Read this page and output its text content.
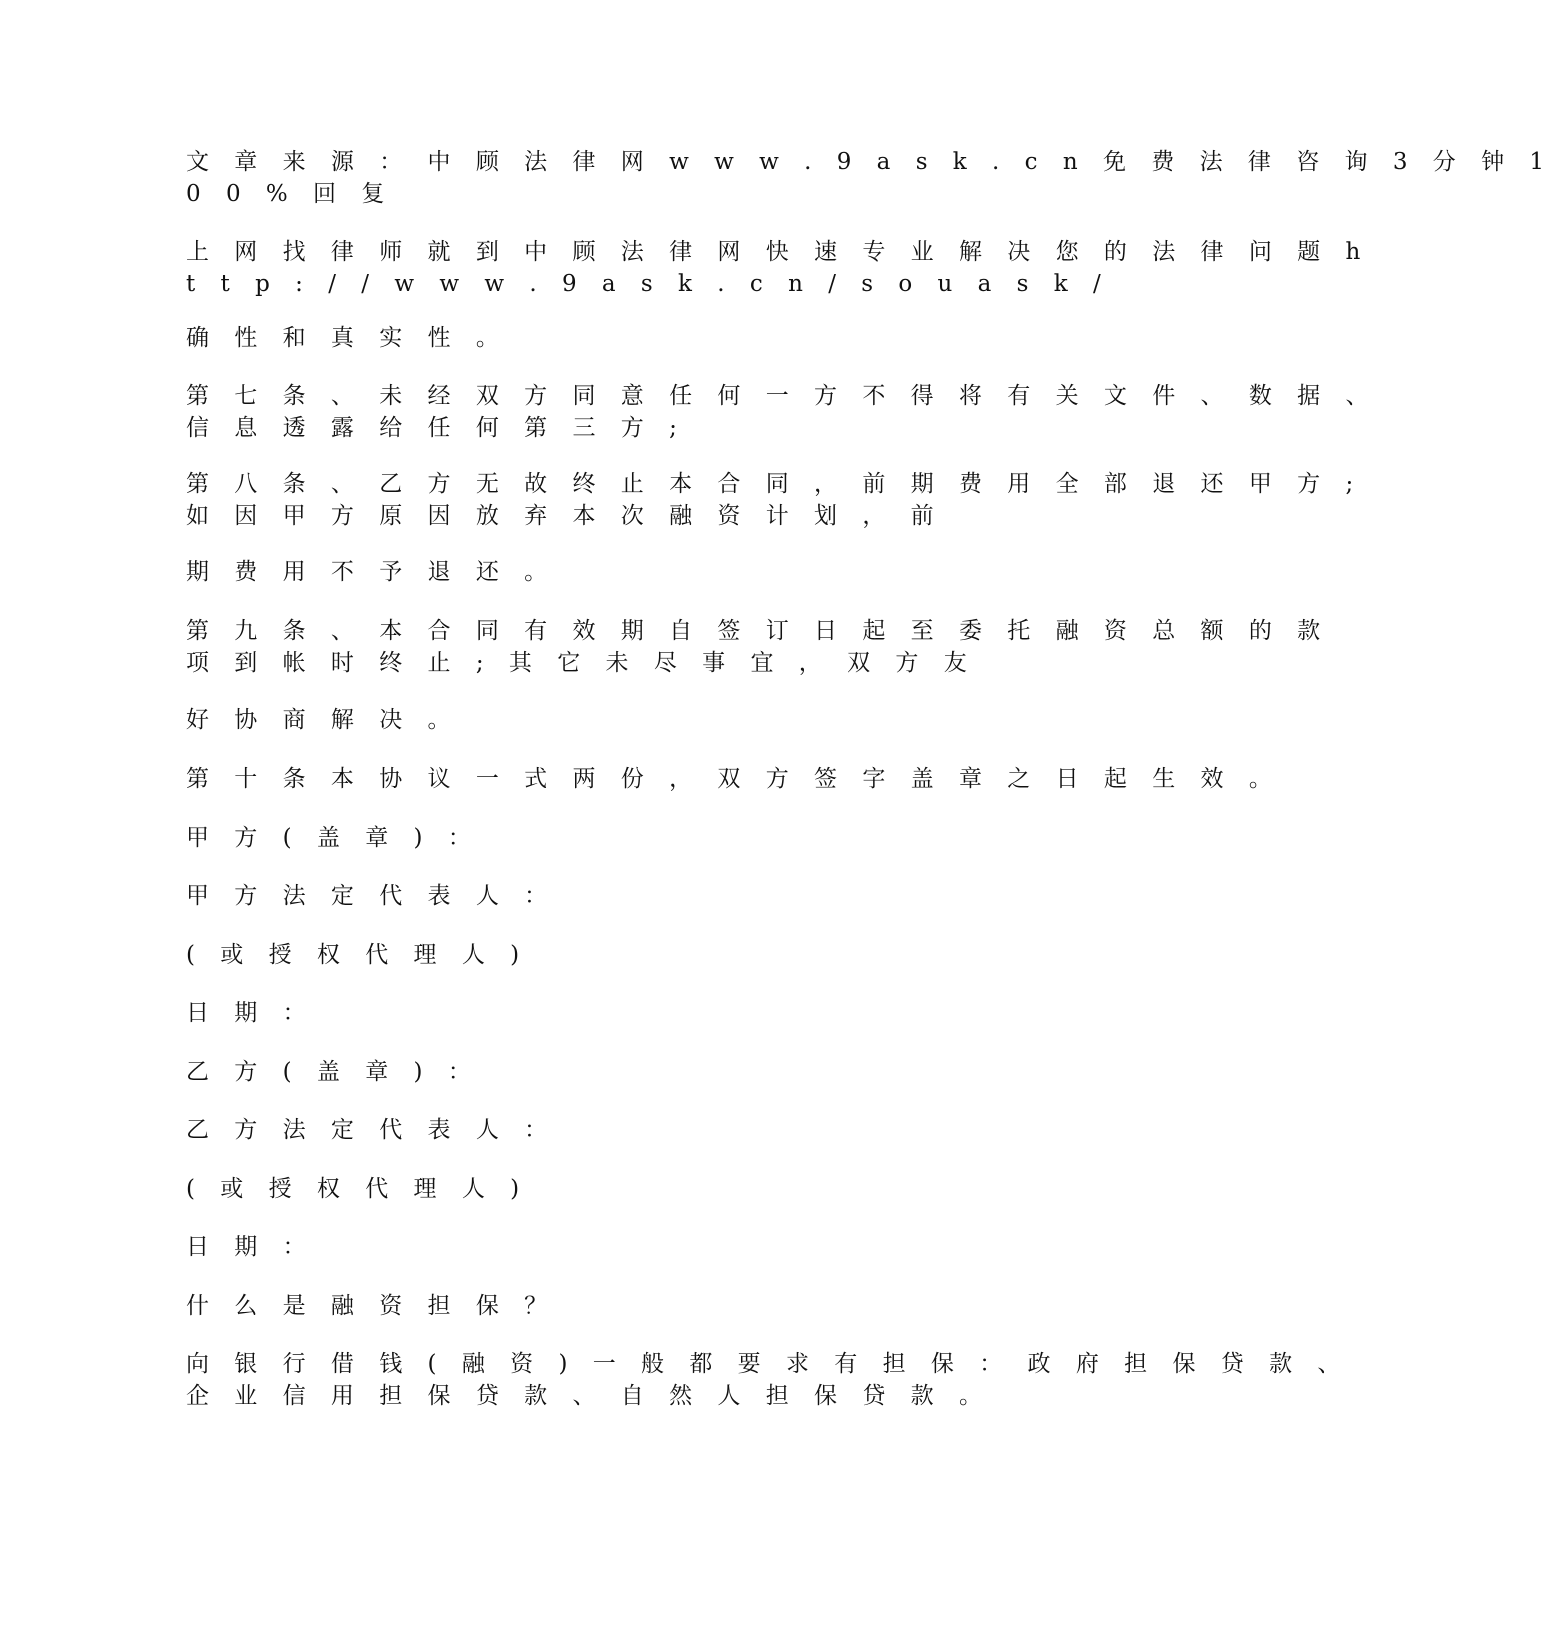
文 章 来 源 ： 中 顾 法 律 网 w w w . 9 a s k . c n 免 费 法 律 咨 询 3 分 钟 1
0 0 % 回 复

上 网 找 律 师 就 到 中 顾 法 律 网 快 速 专 业 解 决 您 的 法 律 问 题 h
t t p : / / w w w . 9 a s k . c n / s o u a s k /

确 性 和 真 实 性 。

第 七 条 、 未 经 双 方 同 意 任 何 一 方 不 得 将 有 关 文 件 、 数 据 、
信 息 透 露 给 任 何 第 三 方 ;

第 八 条 、 乙 方 无 故 终 止 本 合 同 ， 前 期 费 用 全 部 退 还 甲 方 ;
如 因 甲 方 原 因 放 弃 本 次 融 资 计 划 ， 前

期 费 用 不 予 退 还 。

第 九 条 、 本 合 同 有 效 期 自 签 订 日 起 至 委 托 融 资 总 额 的 款
项 到 帐 时 终 止 ; 其 它 未 尽 事 宜 ， 双 方 友

好 协 商 解 决 。

第 十 条 本 协 议 一 式 两 份 ， 双 方 签 字 盖 章 之 日 起 生 效 。

甲 方 ( 盖 章 ) ：

甲 方 法 定 代 表 人 ：

( 或 授 权 代 理 人 )

日 期 ：

乙 方 ( 盖 章 ) ：

乙 方 法 定 代 表 人 ：

( 或 授 权 代 理 人 )

日 期 ：

什 么 是 融 资 担 保 ？

向 银 行 借 钱 ( 融 资 ) 一 般 都 要 求 有 担 保 ： 政 府 担 保 贷 款 、
企 业 信 用 担 保 贷 款 、 自 然 人 担 保 贷 款 。
